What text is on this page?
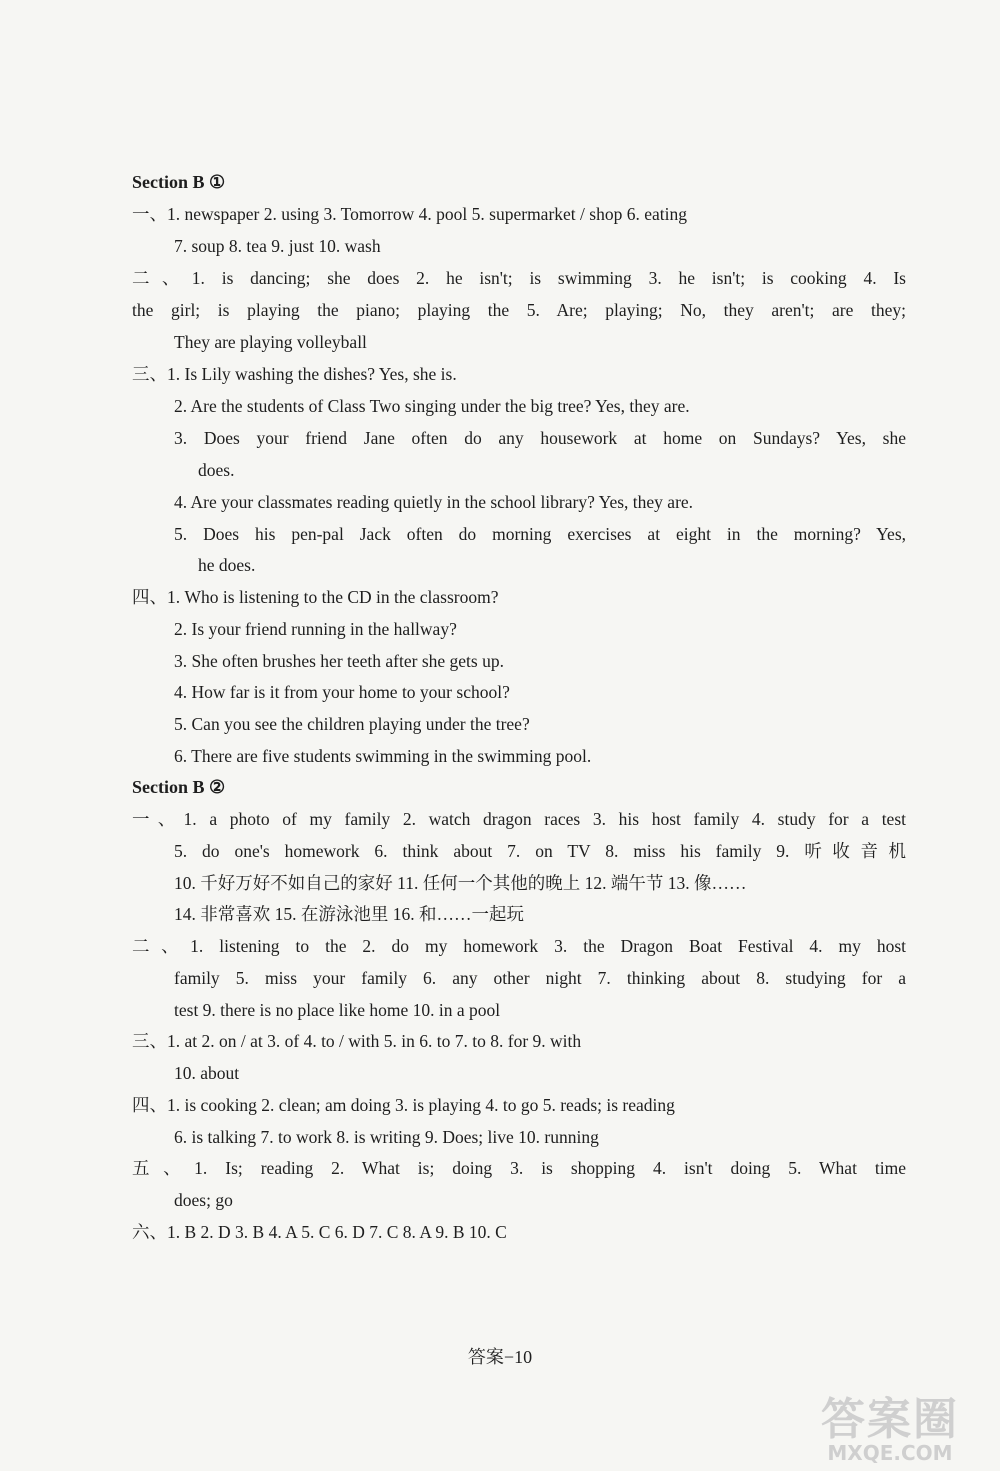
Section B ①
一、1. newspaper 2. using 3. Tomorrow 4. pool 5. supermarket / shop 6. eating
7. soup 8. tea 9. just 10. wash
二、1. is dancing; she does 2. he isn't; is swimming 3. he isn't; is cooking 4. Is
the girl; is playing the piano; playing the 5. Are; playing; No, they aren't; are they;
They are playing volleyball
三、1. Is Lily washing the dishes? Yes, she is.
2. Are the students of Class Two singing under the big tree? Yes, they are.
3. Does your friend Jane often do any housework at home on Sundays? Yes, she
does.
4. Are your classmates reading quietly in the school library? Yes, they are.
5. Does his pen-pal Jack often do morning exercises at eight in the morning? Yes,
he does.
四、1. Who is listening to the CD in the classroom?
2. Is your friend running in the hallway?
3. She often brushes her teeth after she gets up.
4. How far is it from your home to your school?
5. Can you see the children playing under the tree?
6. There are five students swimming in the swimming pool.
Section B ②
一、1. a photo of my family 2. watch dragon races 3. his host family 4. study for a test
5. do one's homework 6. think about 7. on TV 8. miss his family 9. 听收音机
10. 千好万好不如自己的家好 11. 任何一个其他的晚上 12. 端午节 13. 像……
14. 非常喜欢 15. 在游泳池里 16. 和……一起玩
二、1. listening to the 2. do my homework 3. the Dragon Boat Festival 4. my host
family 5. miss your family 6. any other night 7. thinking about 8. studying for a
test 9. there is no place like home 10. in a pool
三、1. at 2. on / at 3. of 4. to / with 5. in 6. to 7. to 8. for 9. with
10. about
四、1. is cooking 2. clean; am doing 3. is playing 4. to go 5. reads; is reading
6. is talking 7. to work 8. is writing 9. Does; live 10. running
五、1. Is; reading 2. What is; doing 3. is shopping 4. isn't doing 5. What time
does; go
六、1. B 2. D 3. B 4. A 5. C 6. D 7. C 8. A 9. B 10. C
答案−10
答案圈
MXQE.COM
